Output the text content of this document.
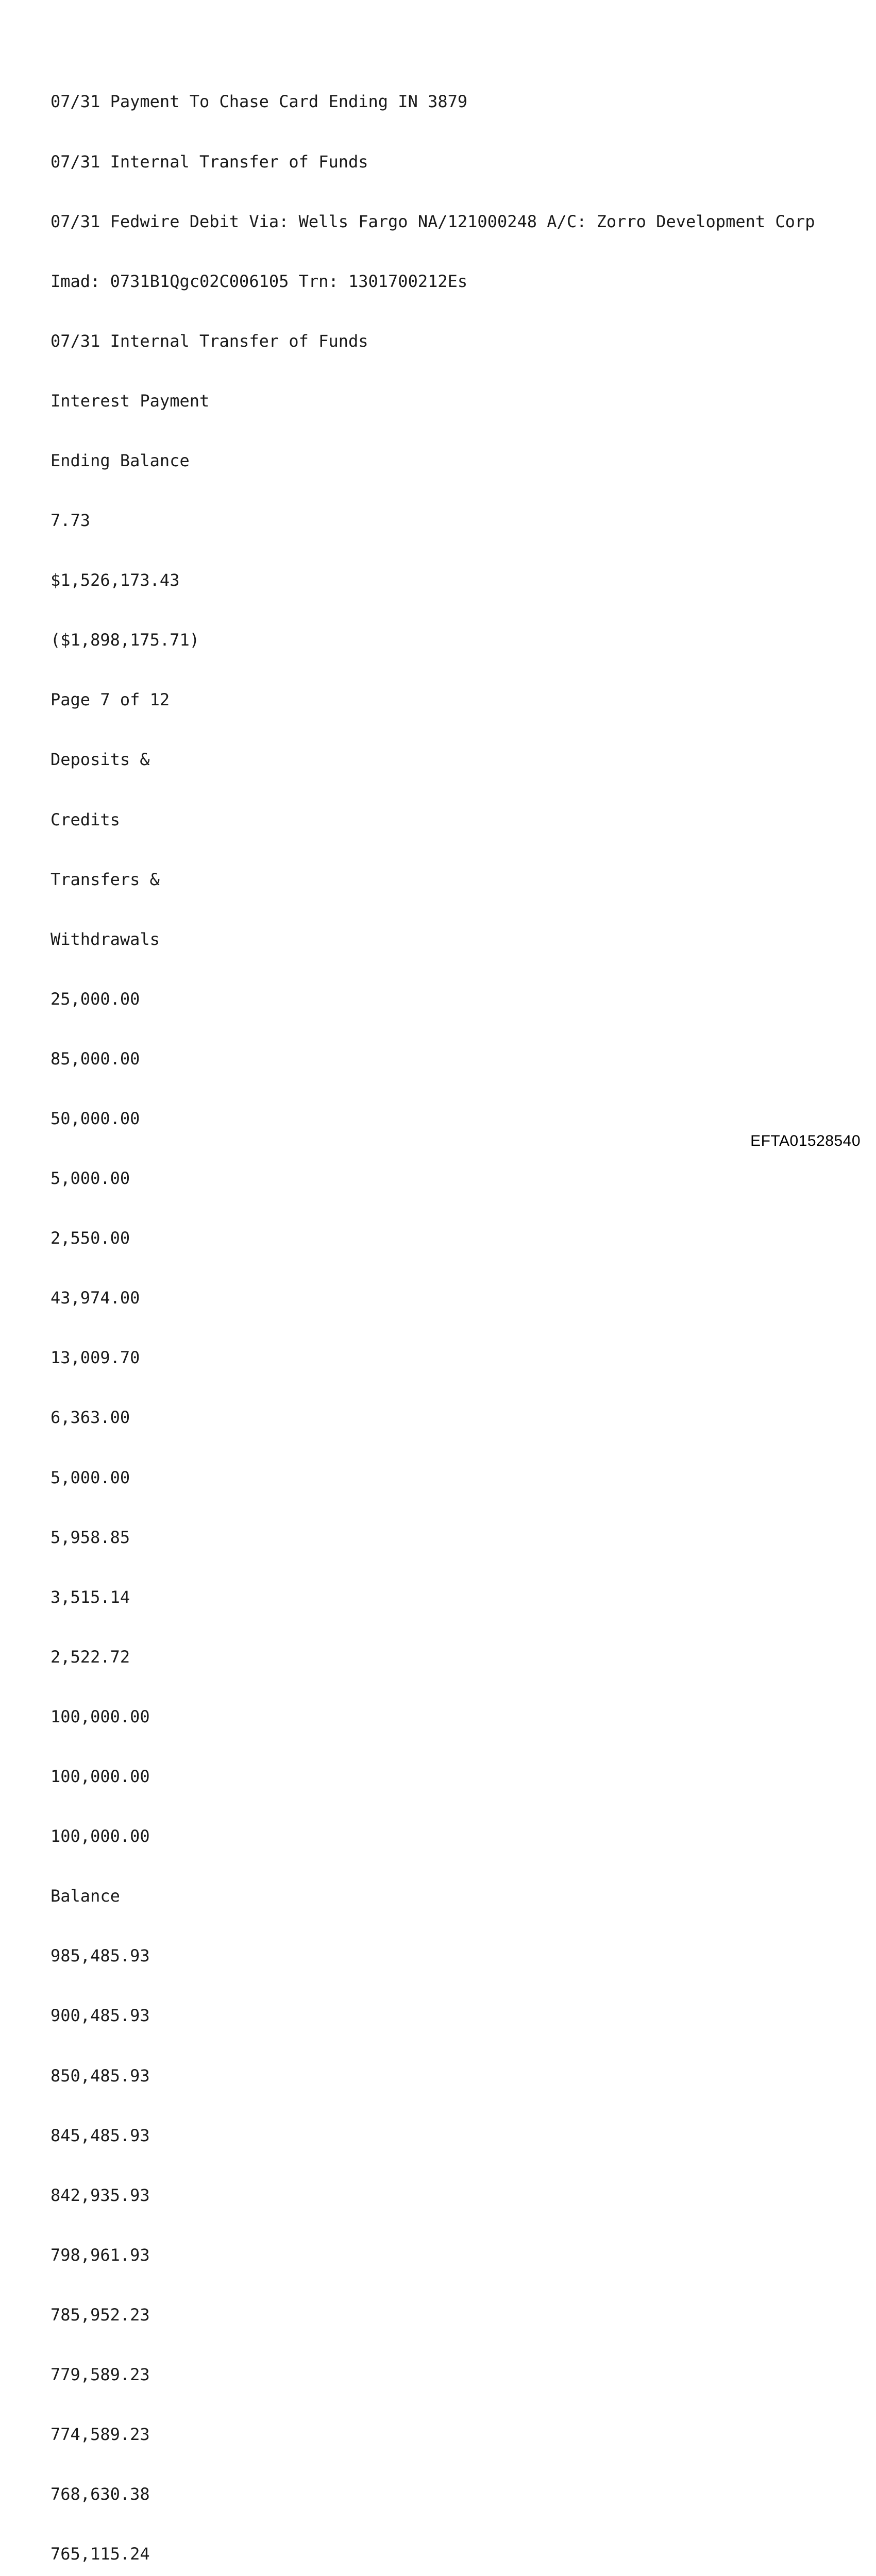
07/31 Payment To Chase Card Ending IN 3879

07/31 Internal Transfer of Funds

07/31 Fedwire Debit Via: Wells Fargo NA/121000248 A/C: Zorro Development Corp

Imad: 0731B1Qgc02C006105 Trn: 1301700212Es

07/31 Internal Transfer of Funds

Interest Payment

Ending Balance

7.73

$1,526,173.43

($1,898,175.71)

Page 7 of 12

Deposits &

Credits

Transfers &

Withdrawals

25,000.00

85,000.00

50,000.00

5,000.00

2,550.00

43,974.00

13,009.70

6,363.00

5,000.00

5,958.85

3,515.14

2,522.72

100,000.00

100,000.00

100,000.00

Balance

985,485.93

900,485.93

850,485.93

845,485.93

842,935.93

798,961.93

785,952.23

779,589.23

774,589.23

768,630.38

765,115.24

EFTA01528540
